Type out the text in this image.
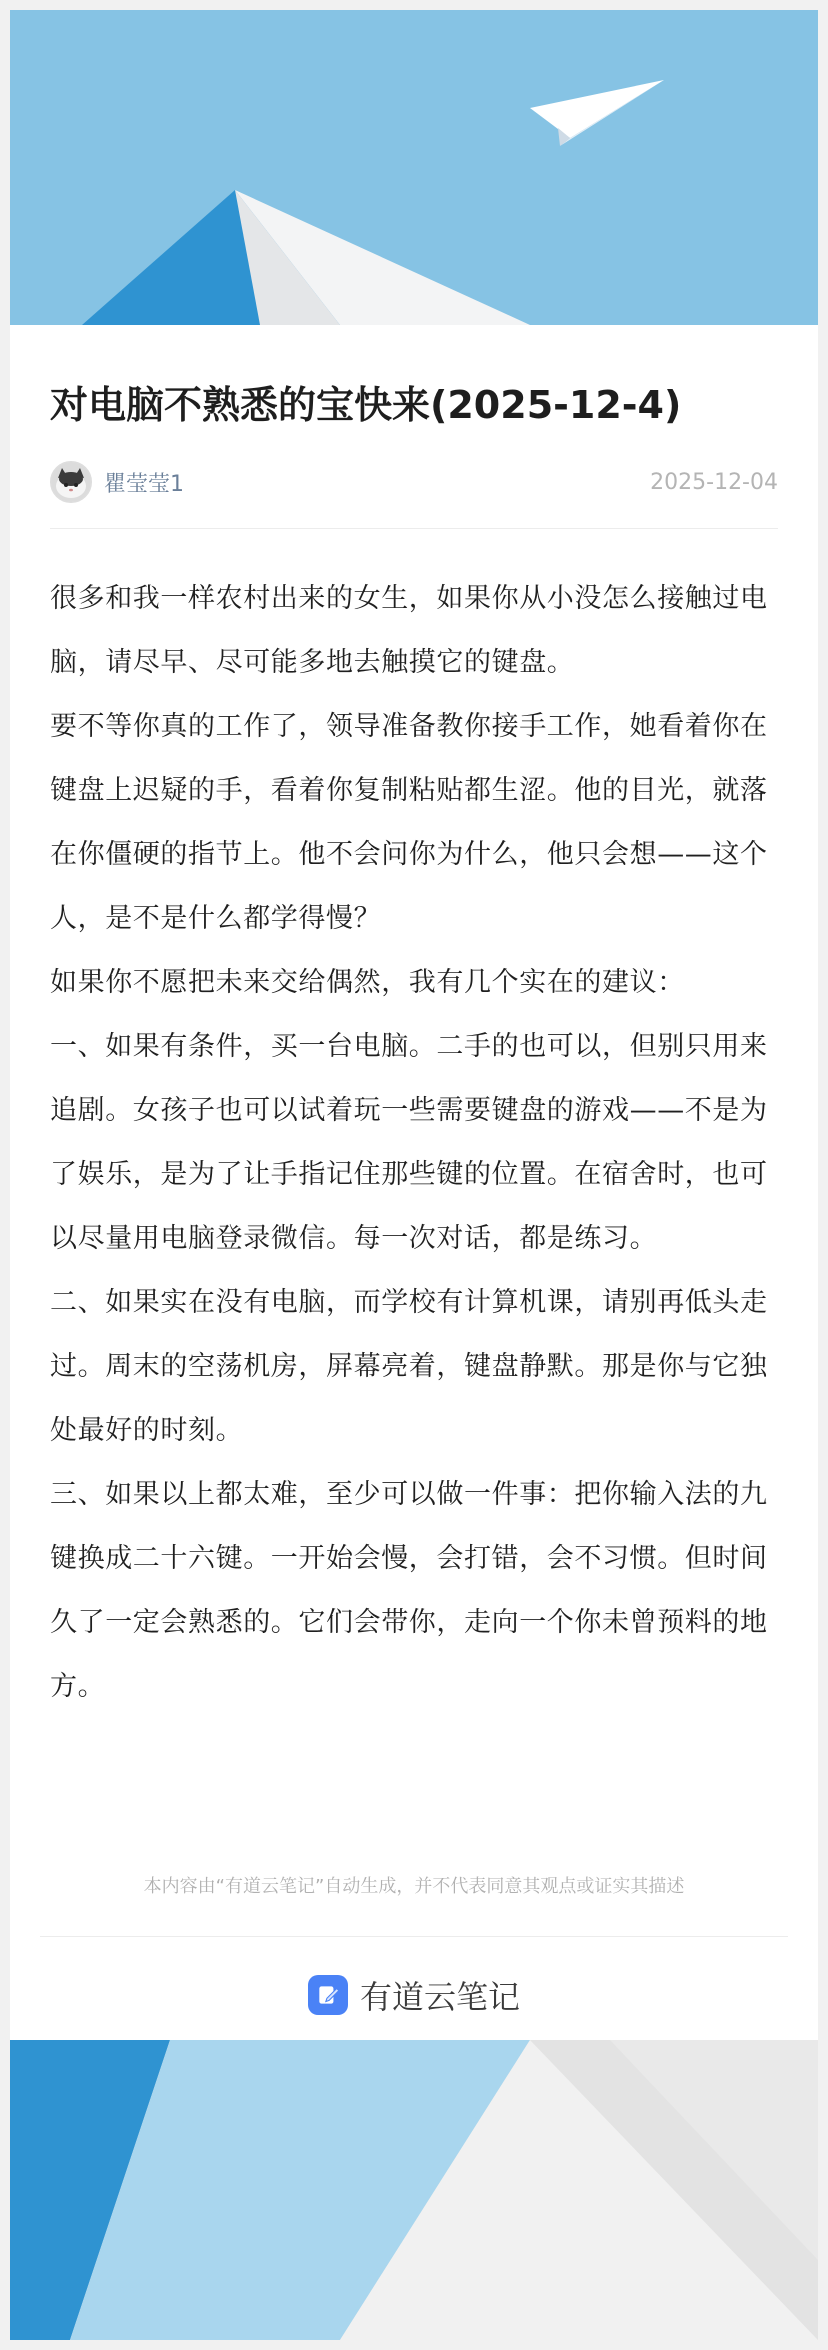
对电脑不熟悉的宝快来(2025-12-4)
瞿莹莹1	2025-12-04

很多和我一样农村出来的女生，如果你从小没怎么接触过电脑，请尽早、尽可能多地去触摸它的键盘。

要不等你真的工作了，领导准备教你接手工作，她看着你在键盘上迟疑的手，看着你复制粘贴都生涩。他的目光，就落在你僵硬的指节上。他不会问你为什么，他只会想——这个人，是不是什么都学得慢？

如果你不愿把未来交给偶然，我有几个实在的建议：

一、如果有条件，买一台电脑。二手的也可以，但别只用来追剧。女孩子也可以试着玩一些需要键盘的游戏——不是为了娱乐，是为了让手指记住那些键的位置。在宿舍时，也可以尽量用电脑登录微信。每一次对话，都是练习。

二、如果实在没有电脑，而学校有计算机课，请别再低头走过。周末的空荡机房，屏幕亮着，键盘静默。那是你与它独处最好的时刻。

三、如果以上都太难，至少可以做一件事：把你输入法的九键换成二十六键。一开始会慢，会打错，会不习惯。但时间久了一定会熟悉的。它们会带你，走向一个你未曾预料的地方。

本内容由“有道云笔记”自动生成，并不代表同意其观点或证实其描述
有道云笔记
